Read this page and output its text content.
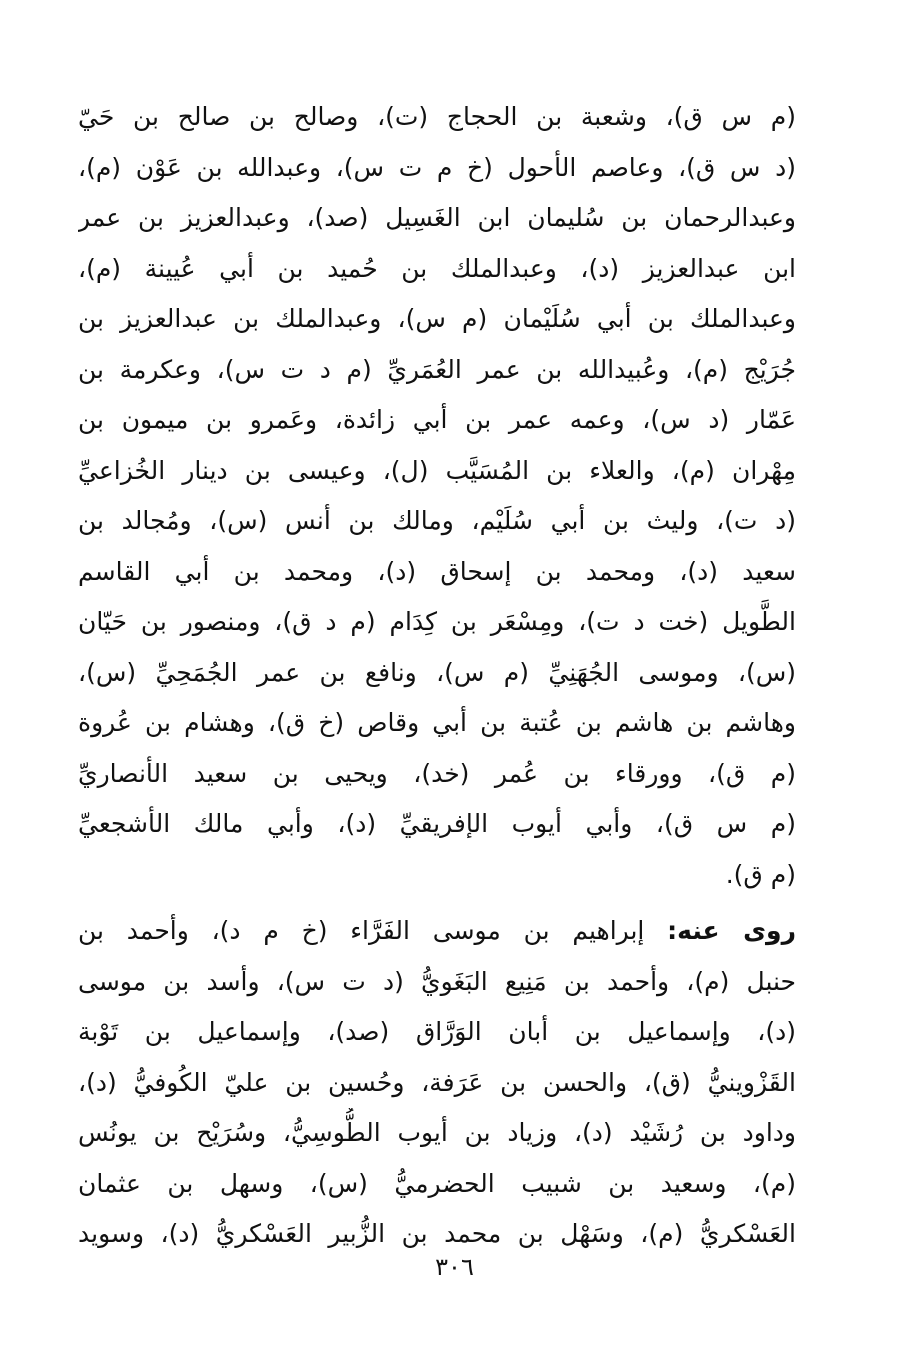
(م س ق)، وشعبة بن الحجاج (ت)، وصالح بن صالح بن حَيّ
(د س ق)، وعاصم الأحول (خ م ت س)، وعبدالله بن عَوْن (م)،
وعبدالرحمان بن سُليمان ابن الغَسِيل (صد)، وعبدالعزيز بن عمر
ابن عبدالعزيز (د)، وعبدالملك بن حُميد بن أبي عُيينة (م)،
وعبدالملك بن أبي سُلَيْمان (م س)، وعبدالملك بن عبدالعزيز بن
جُرَيْج (م)، وعُبيدالله بن عمر العُمَريِّ (م د ت س)، وعكرمة بن
عَمّار (د س)، وعمه عمر بن أبي زائدة، وعَمرو بن ميمون بن
مِهْران (م)، والعلاء بن المُسَيَّب (ل)، وعيسى بن دينار الخُزاعيِّ
(د ت)، وليث بن أبي سُلَيْم، ومالك بن أنس (س)، ومُجالد بن
سعيد (د)، ومحمد بن إسحاق (د)، ومحمد بن أبي القاسم
الطَّويل (خت د ت)، ومِسْعَر بن كِدَام (م د ق)، ومنصور بن حَيّان
(س)، وموسى الجُهَنِيِّ (م س)، ونافع بن عمر الجُمَحِيِّ (س)،
وهاشم بن هاشم بن عُتبة بن أبي وقاص (خ ق)، وهشام بن عُروة
(م ق)، وورقاء بن عُمر (خد)، ويحيى بن سعيد الأنصاريِّ
(م س ق)، وأبي أيوب الإفريقيِّ (د)، وأبي مالك الأشجعيِّ
(م ق).
روى عنه: إبراهيم بن موسى الفَرَّاء (خ م د)، وأحمد بن
حنبل (م)، وأحمد بن مَنِيع البَغَويُّ (د ت س)، وأسد بن موسى
(د)، وإسماعيل بن أبان الوَرَّاق (صد)، وإسماعيل بن تَوْبة
القَزْوينيُّ (ق)، والحسن بن عَرَفة، وحُسين بن عليّ الكُوفيُّ (د)،
وداود بن رُشَيْد (د)، وزياد بن أيوب الطُّوسِيُّ، وسُرَيْح بن يونُس
(م)، وسعيد بن شبيب الحضرميُّ (س)، وسهل بن عثمان
العَسْكريُّ (م)، وسَهْل بن محمد بن الزُّبير العَسْكريُّ (د)، وسويد
٣٠٦
